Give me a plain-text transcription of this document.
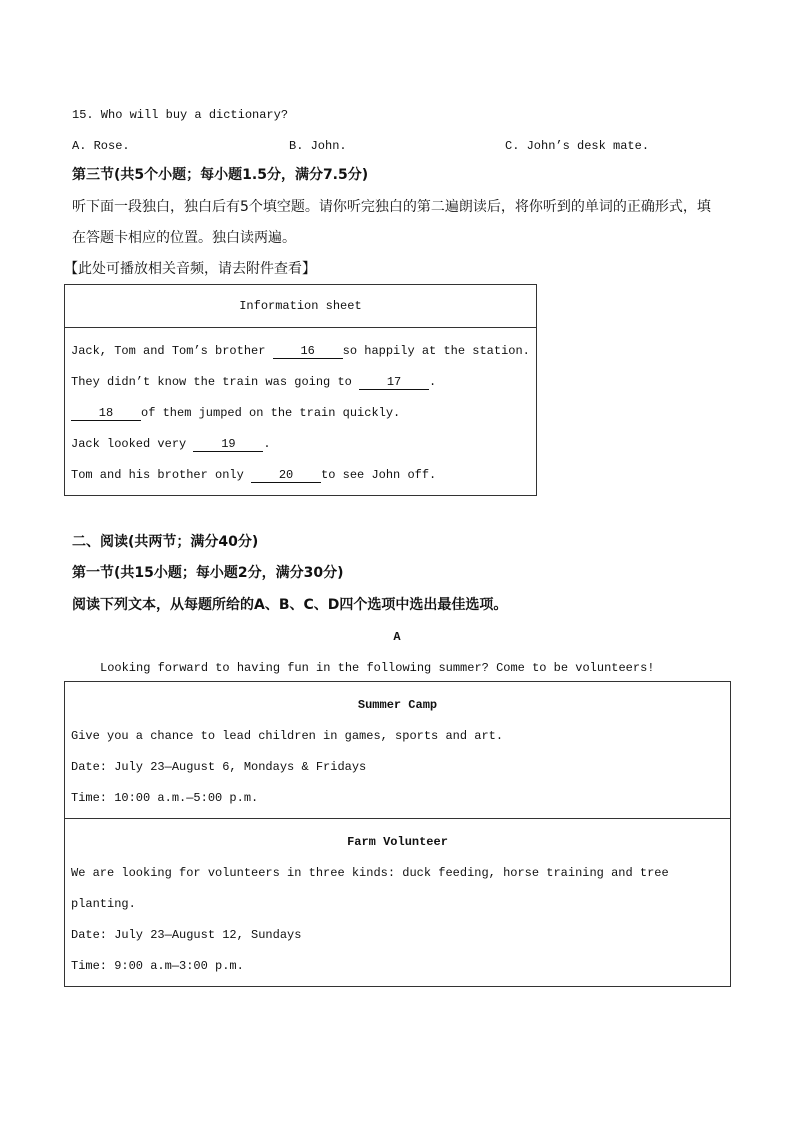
15. Who will buy a dictionary?
A. Rose.	B. John.	C. John’s desk mate.
第三节(共5个小题；每小题1.5分，满分7.5分)
听下面一段独白，独白后有5个填空题。请你听完独白的第二遍朗读后，将你听到的单词的正确形式，填
在答题卡相应的位置。独白读两遍。
【此处可播放相关音频，请去附件查看】
Information sheet

Jack, Tom and Tom’s brother 16 so happily at the station.
They didn’t know the train was going to 17 .
18 of them jumped on the train quickly.
Jack looked very 19 .
Tom and his brother only 20 to see John off.
二、阅读(共两节；满分40分)
第一节(共15小题；每小题2分，满分30分)
阅读下列文本，从每题所给的A、B、C、D四个选项中选出最佳选项。
A
Looking forward to having fun in the following summer? Come to be volunteers!
Summer Camp
Give you a chance to lead children in games, sports and art.
Date: July 23—August 6, Mondays & Fridays
Time: 10:00 a.m.—5:00 p.m.

Farm Volunteer
We are looking for volunteers in three kinds: duck feeding, horse training and tree
planting.
Date: July 23—August 12, Sundays
Time: 9:00 a.m—3:00 p.m.
